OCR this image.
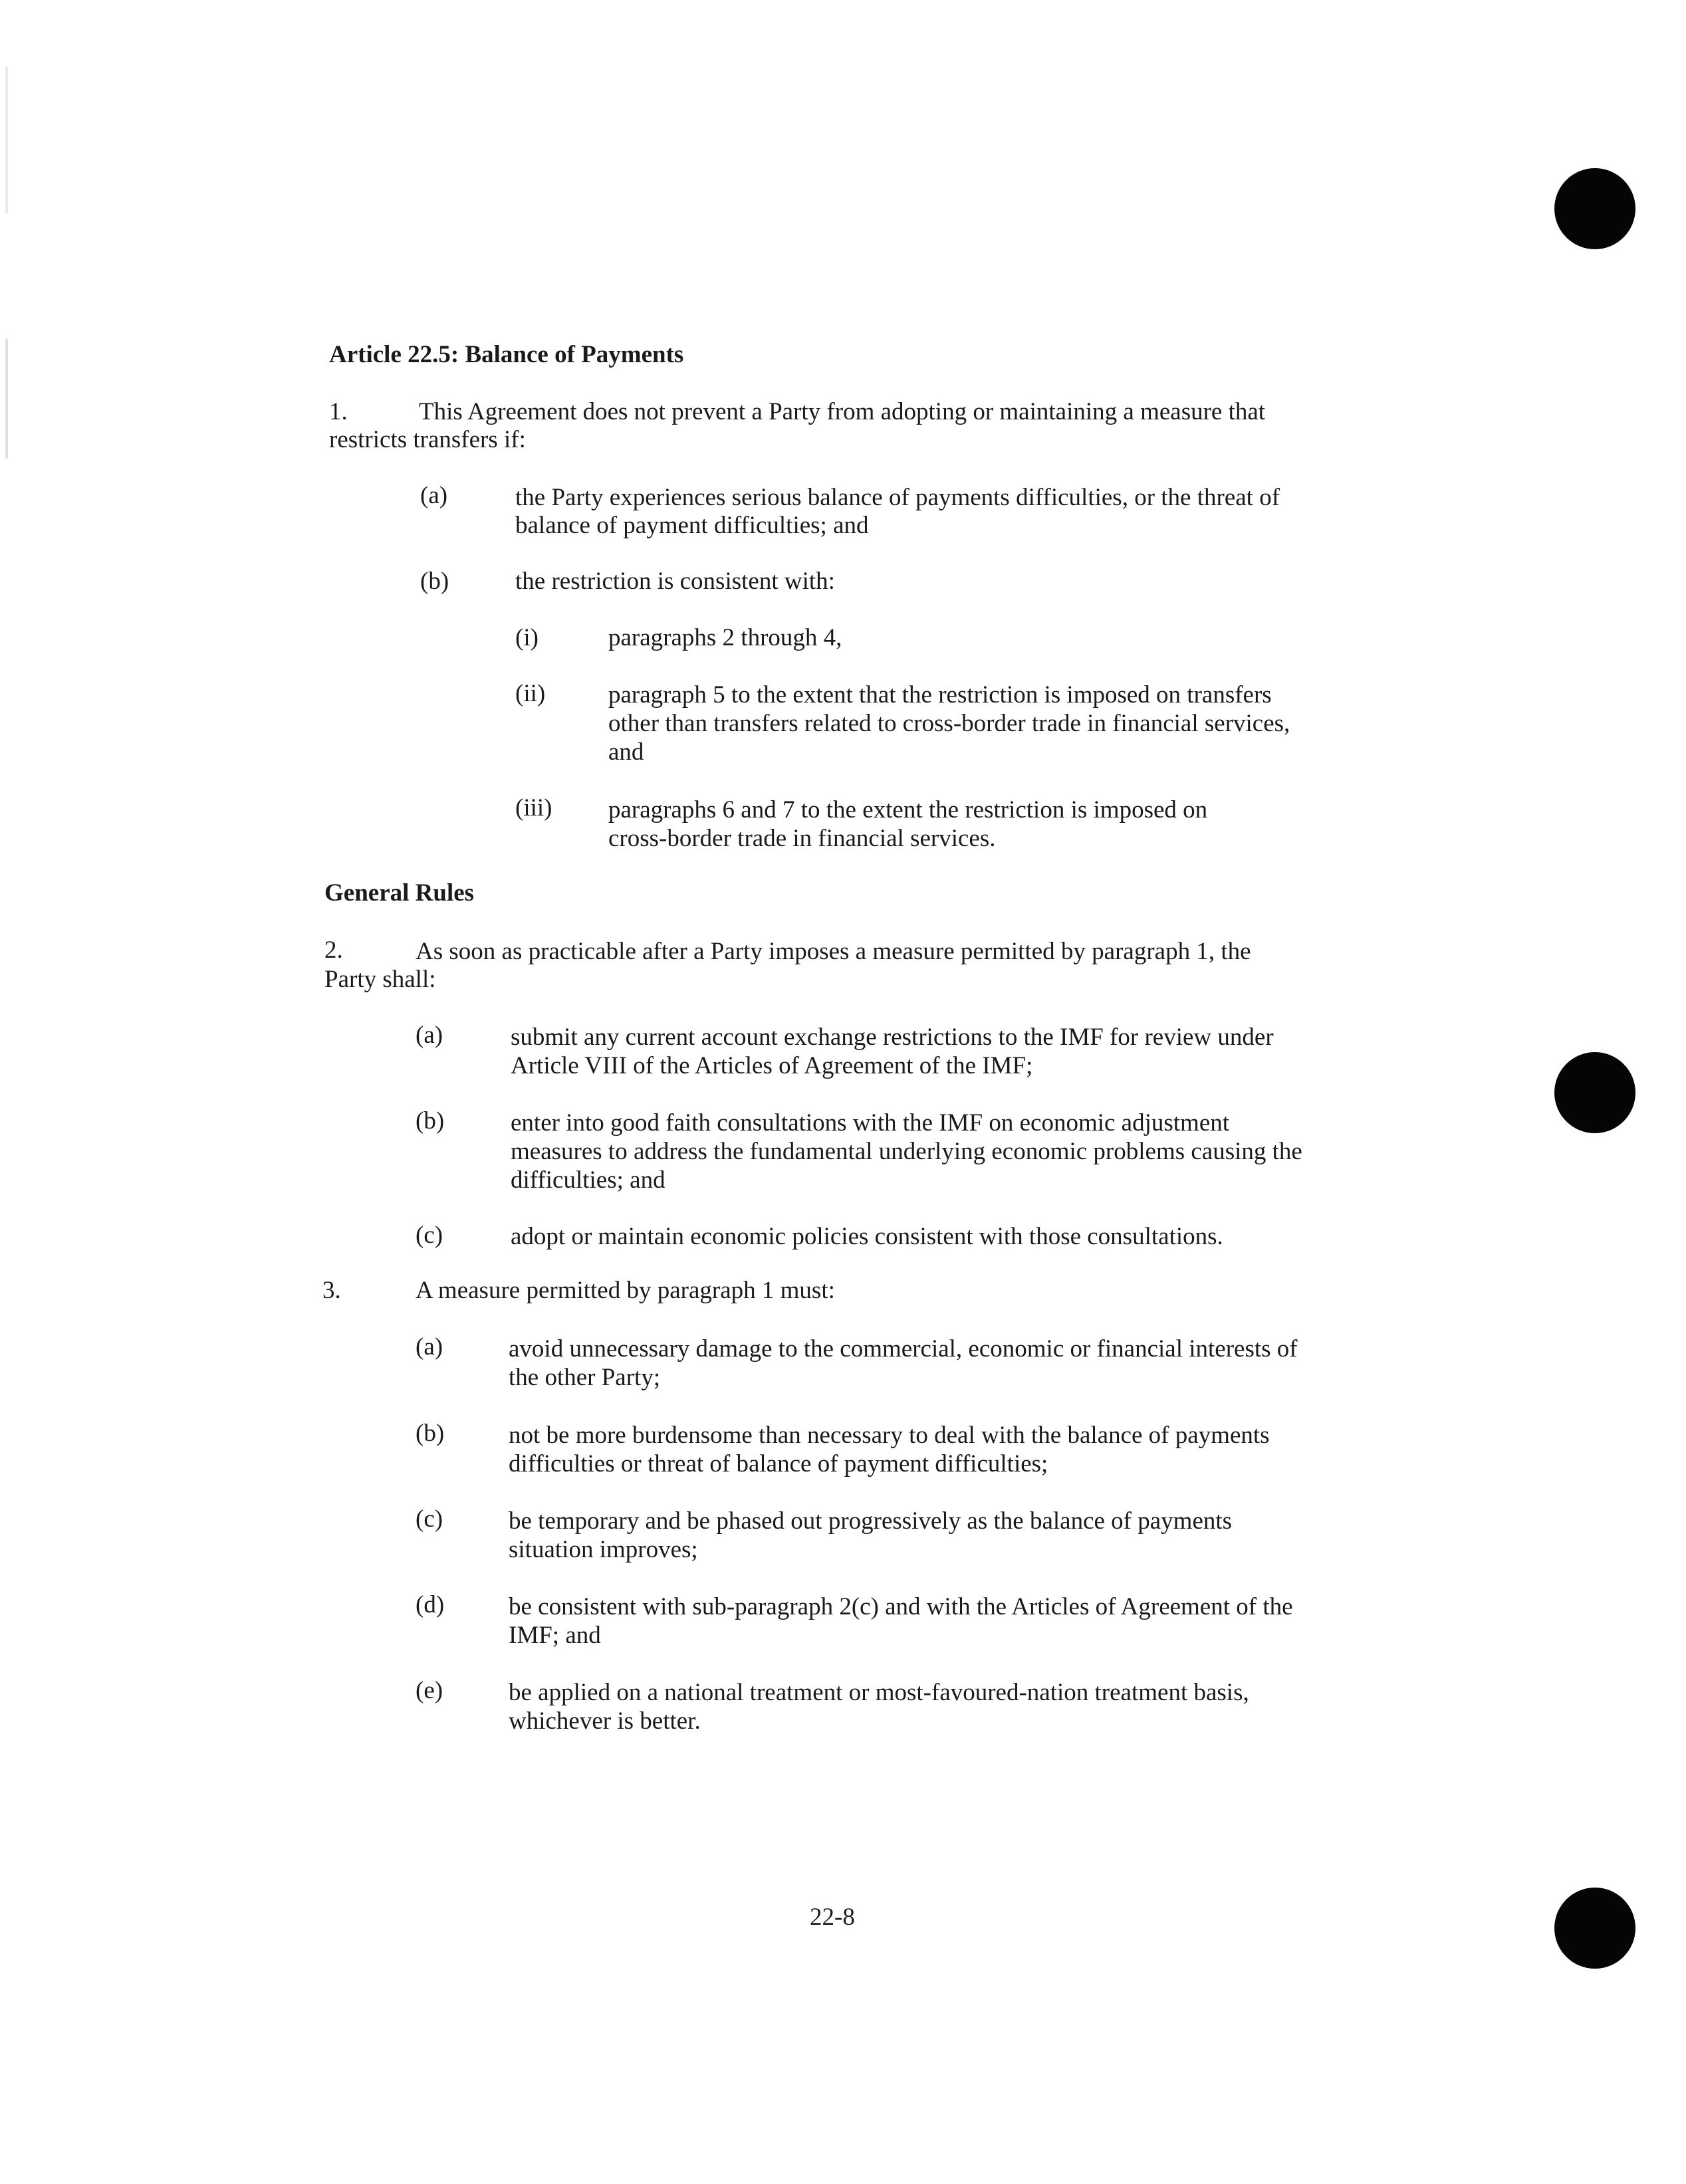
Article 22.5: Balance of Payments
1.	This Agreement does not prevent a Party from adopting or maintaining a measure that
restricts transfers if:
(a)	the Party experiences serious balance of payments difficulties, or the threat of
balance of payment difficulties; and
(b)	the restriction is consistent with:
(i)	paragraphs 2 through 4,
(ii)	paragraph 5 to the extent that the restriction is imposed on transfers
other than transfers related to cross-border trade in financial services,
and
(iii) paragraphs 6 and 7 to the extent the restriction is imposed on
cross-border trade in financial services.
General Rules
2.	As soon as practicable after a Party imposes a measure permitted by paragraph 1, the
Party shall:
(a)	submit any current account exchange restrictions to the IMF for review under
Article VIII of the Articles of Agreement of the IMF;
(b)	enter into good faith consultations with the IMF on economic adjustment
measures to address the fundamental underlying economic problems causing the
difficulties; and
(c)	adopt or maintain economic policies consistent with those consultations.
3.	A measure permitted by paragraph 1 must:
(a)	avoid unnecessary damage to the commercial, economic or financial interests of
the other Party;
(b)	not be more burdensome than necessary to deal with the balance of payments
difficulties or threat of balance of payment difficulties;
(c)	be temporary and be phased out progressively as the balance of payments
situation improves;
(d)	be consistent with sub-paragraph 2(c) and with the Articles of Agreement of the
IMF; and
(e)	be applied on a national treatment or most-favoured-nation treatment basis,
whichever is better.
22-8
